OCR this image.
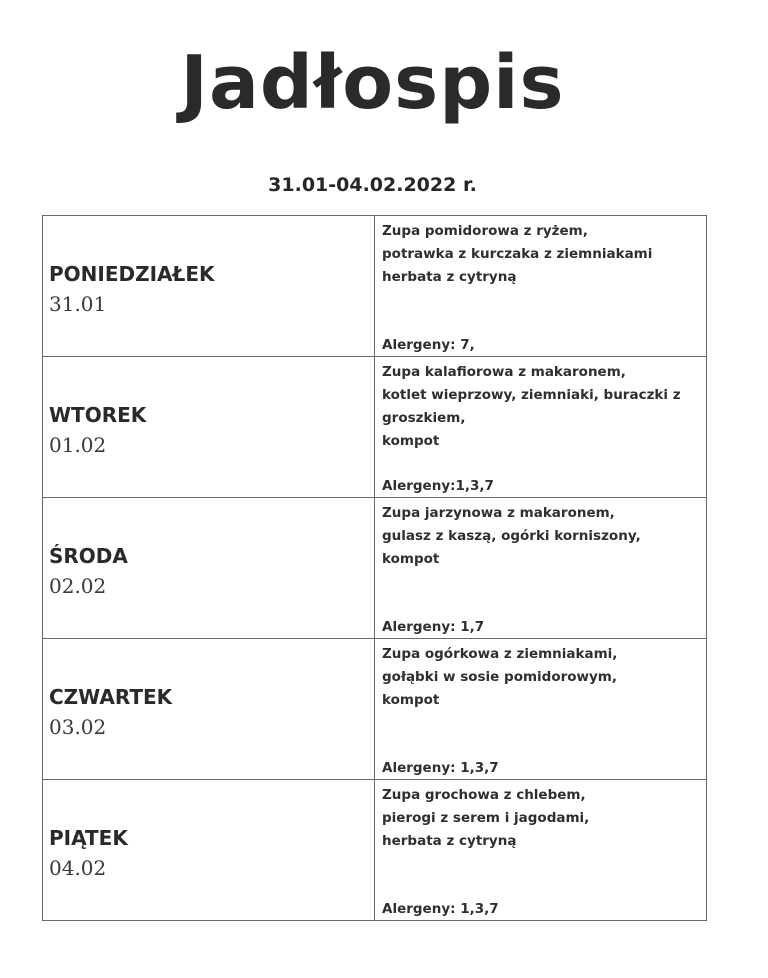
Jadłospis
31.01-04.02.2022 r.
PONIEDZIAŁEK
31.01
Zupa pomidorowa z ryżem,
potrawka z kurczaka z ziemniakami
herbata z cytryną
Alergeny: 7,
WTOREK
01.02
Zupa kalafiorowa z makaronem,
kotlet wieprzowy, ziemniaki, buraczki z
groszkiem,
kompot
Alergeny:1,3,7
ŚRODA
02.02
Zupa jarzynowa z makaronem,
gulasz z kaszą, ogórki korniszony,
kompot
Alergeny: 1,7
CZWARTEK
03.02
Zupa ogórkowa z ziemniakami,
gołąbki w sosie pomidorowym,
kompot
Alergeny: 1,3,7
PIĄTEK
04.02
Zupa grochowa z chlebem,
pierogi z serem i jagodami,
herbata z cytryną
Alergeny: 1,3,7
